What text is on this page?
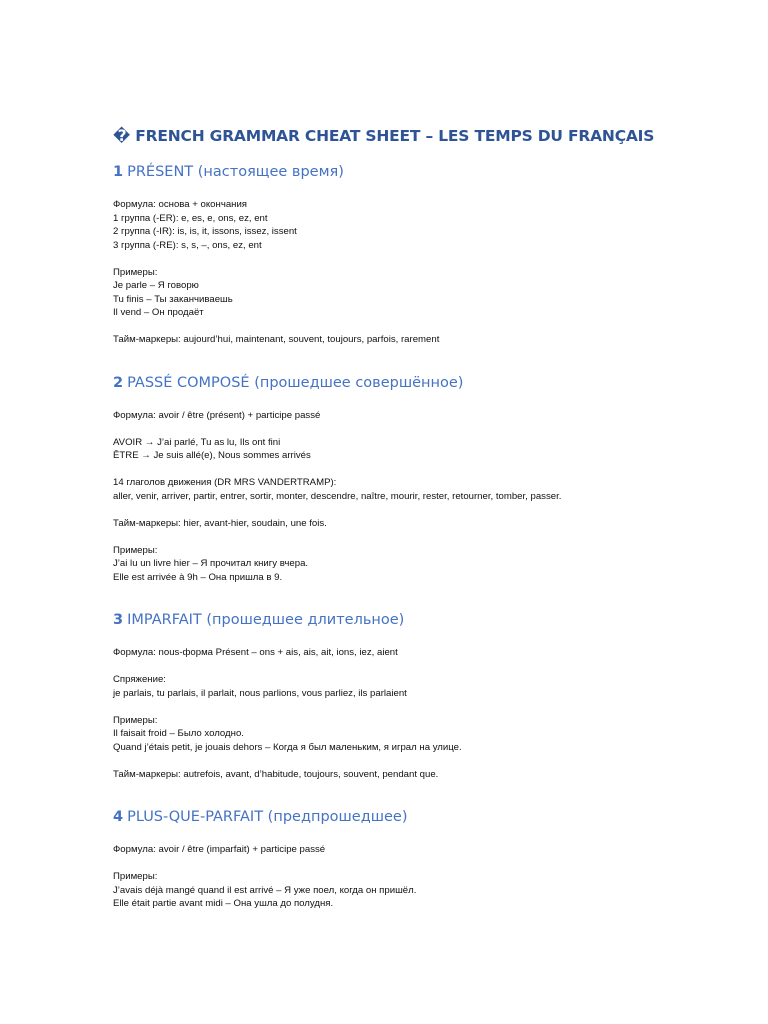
� FRENCH GRAMMAR CHEAT SHEET – LES TEMPS DU FRANÇAIS
1 PRÉSENT (настоящее время)

Формула: основа + окончания

1 группа (-ER): e, es, e, ons, ez, ent

2 группа (-IR): is, is, it, issons, issez, issent

3 группа (-RE): s, s, –, ons, ez, ent

Примеры:

Je parle – Я говорю

Tu finis – Ты заканчиваешь

Il vend – Он продаёт

Тайм-маркеры: aujourd’hui, maintenant, souvent, toujours, parfois, rarement

2 PASSÉ COMPOSÉ (прошедшее совершённое)

Формула: avoir / être (présent) + participe passé

AVOIR → J’ai parlé, Tu as lu, Ils ont fini

ÊTRE → Je suis allé(e), Nous sommes arrivés

14 глаголов движения (DR MRS VANDERTRAMP):

aller, venir, arriver, partir, entrer, sortir, monter, descendre, naître, mourir, rester, retourner, tomber, passer.

Тайм-маркеры: hier, avant-hier, soudain, une fois.

Примеры:

J’ai lu un livre hier – Я прочитал книгу вчера.

Elle est arrivée à 9h – Она пришла в 9.

3 IMPARFAIT (прошедшее длительное)

Формула: nous-форма Présent – ons + ais, ais, ait, ions, iez, aient

Спряжение:

je parlais, tu parlais, il parlait, nous parlions, vous parliez, ils parlaient

Примеры:

Il faisait froid – Было холодно.

Quand j’étais petit, je jouais dehors – Когда я был маленьким, я играл на улице.

Тайм-маркеры: autrefois, avant, d’habitude, toujours, souvent, pendant que.

4 PLUS-QUE-PARFAIT (предпрошедшее)

Формула: avoir / être (imparfait) + participe passé

Примеры:

J’avais déjà mangé quand il est arrivé – Я уже поел, когда он пришёл.

Elle était partie avant midi – Она ушла до полудня.
